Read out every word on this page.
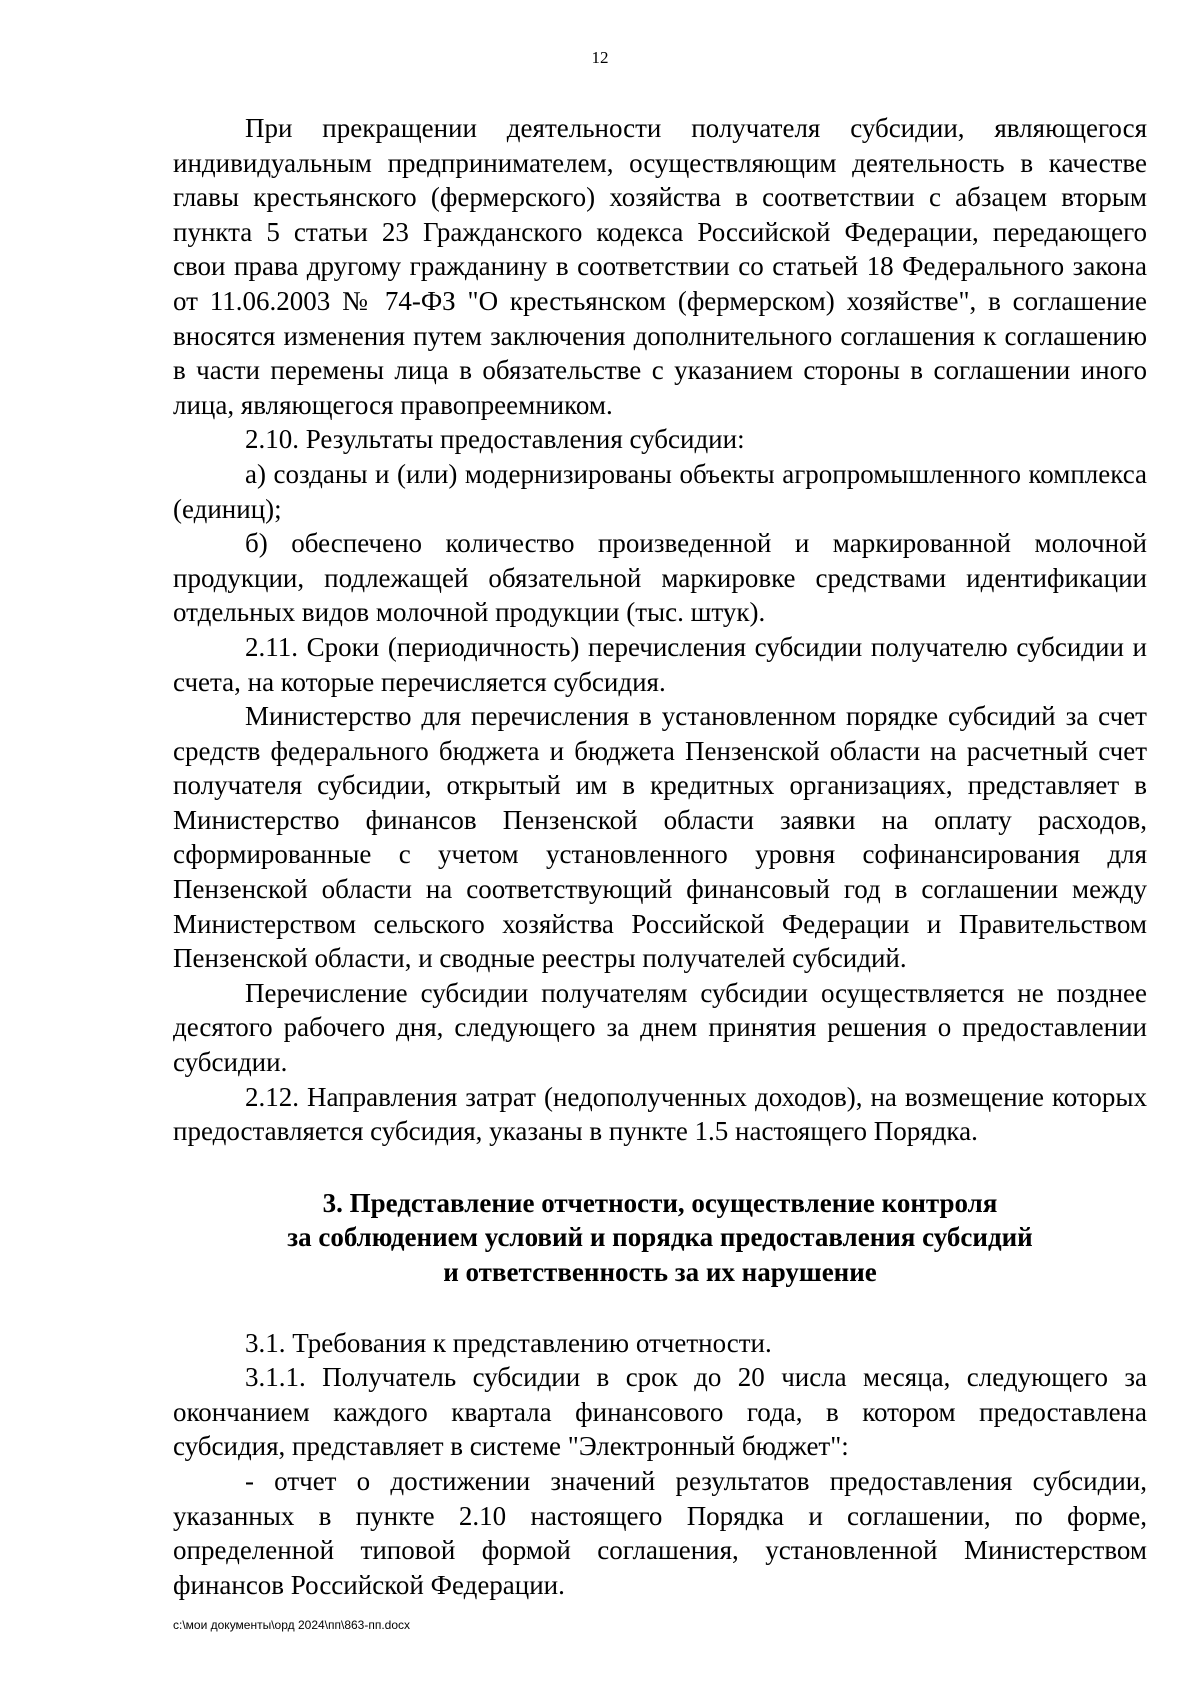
12

При прекращении деятельности получателя субсидии, являющегося индивидуальным предпринимателем, осуществляющим деятельность в качестве главы крестьянского (фермерского) хозяйства в соответствии с абзацем вторым пункта 5 статьи 23 Гражданского кодекса Российской Федерации, передающего свои права другому гражданину в соответствии со статьей 18 Федерального закона от 11.06.2003 № 74-ФЗ "О крестьянском (фермерском) хозяйстве", в соглашение вносятся изменения путем заключения дополнительного соглашения к соглашению в части перемены лица в обязательстве с указанием стороны в соглашении иного лица, являющегося правопреемником.

2.10. Результаты предоставления субсидии:

а) созданы и (или) модернизированы объекты агропромышленного комплекса (единиц);

б) обеспечено количество произведенной и маркированной молочной продукции, подлежащей обязательной маркировке средствами идентификации отдельных видов молочной продукции (тыс. штук).

2.11. Сроки (периодичность) перечисления субсидии получателю субсидии и счета, на которые перечисляется субсидия.

Министерство для перечисления в установленном порядке субсидий за счет средств федерального бюджета и бюджета Пензенской области на расчетный счет получателя субсидии, открытый им в кредитных организациях, представляет в Министерство финансов Пензенской области заявки на оплату расходов, сформированные с учетом установленного уровня софинансирования для Пензенской области на соответствующий финансовый год в соглашении между Министерством сельского хозяйства Российской Федерации и Правительством Пензенской области, и сводные реестры получателей субсидий.

Перечисление субсидии получателям субсидии осуществляется не позднее десятого рабочего дня, следующего за днем принятия решения о предоставлении субсидии.

2.12. Направления затрат (недополученных доходов), на возмещение которых предоставляется субсидия, указаны в пункте 1.5 настоящего Порядка.

3. Представление отчетности, осуществление контроля
за соблюдением условий и порядка предоставления субсидий
и ответственность за их нарушение

3.1. Требования к представлению отчетности.

3.1.1. Получатель субсидии в срок до 20 числа месяца, следующего за окончанием каждого квартала финансового года, в котором предоставлена субсидия, представляет в системе "Электронный бюджет":

- отчет о достижении значений результатов предоставления субсидии, указанных в пункте 2.10 настоящего Порядка и соглашении, по форме, определенной типовой формой соглашения, установленной Министерством финансов Российской Федерации.

c:\мои документы\орд 2024\пп\863-пп.docx
